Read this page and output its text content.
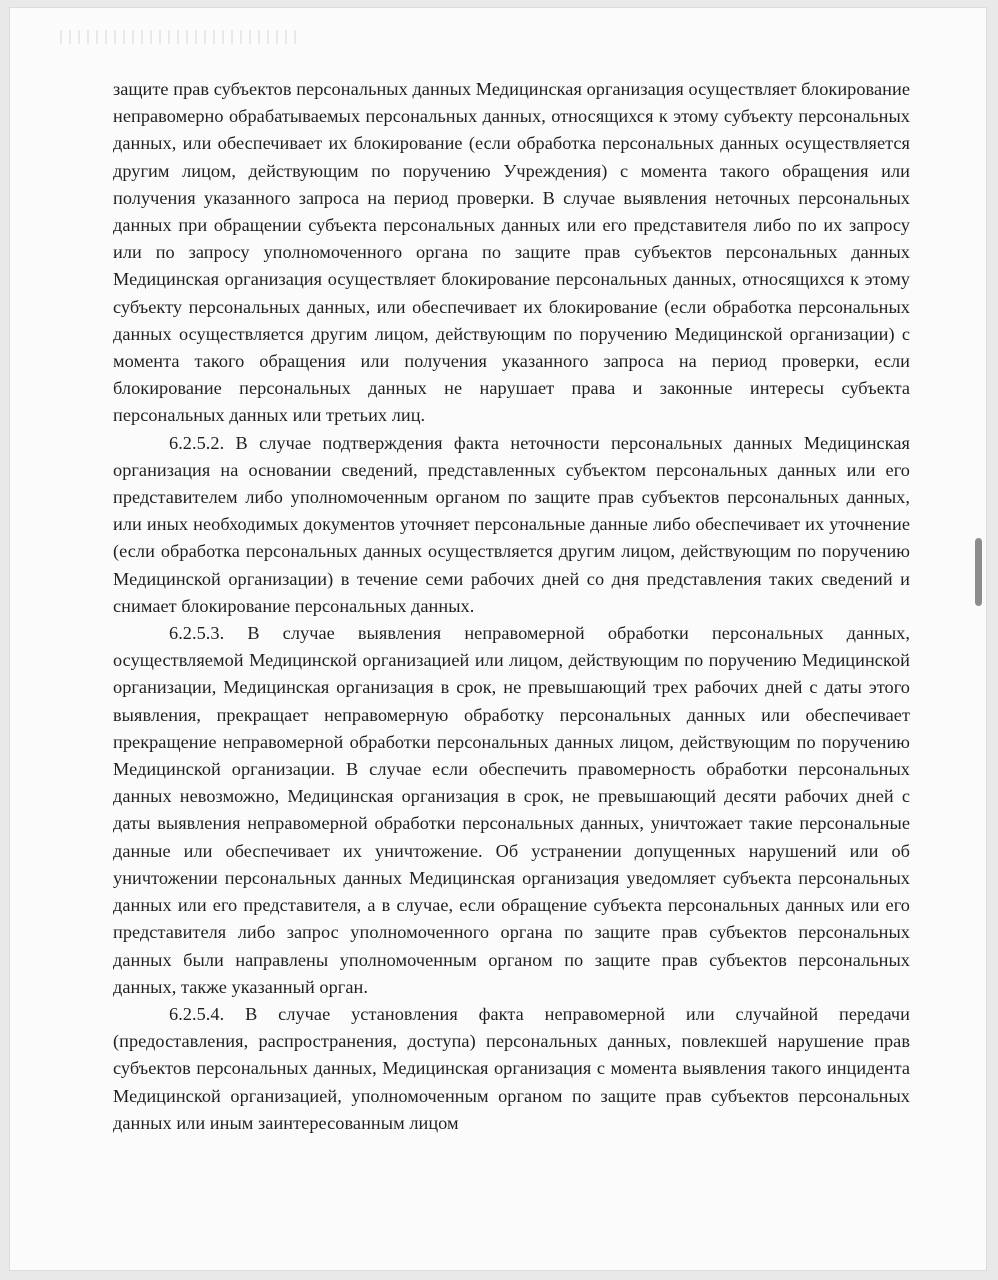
защите прав субъектов персональных данных Медицинская организация осуществляет блокирование неправомерно обрабатываемых персональных данных, относящихся к этому субъекту персональных данных, или обеспечивает их блокирование (если обработка персональных данных осуществляется другим лицом, действующим по поручению Учреждения) с момента такого обращения или получения указанного запроса на период проверки. В случае выявления неточных персональных данных при обращении субъекта персональных данных или его представителя либо по их запросу или по запросу уполномоченного органа по защите прав субъектов персональных данных Медицинская организация осуществляет блокирование персональных данных, относящихся к этому субъекту персональных данных, или обеспечивает их блокирование (если обработка персональных данных осуществляется другим лицом, действующим по поручению Медицинской организации) с момента такого обращения или получения указанного запроса на период проверки, если блокирование персональных данных не нарушает права и законные интересы субъекта персональных данных или третьих лиц.

6.2.5.2. В случае подтверждения факта неточности персональных данных Медицинская организация на основании сведений, представленных субъектом персональных данных или его представителем либо уполномоченным органом по защите прав субъектов персональных данных, или иных необходимых документов уточняет персональные данные либо обеспечивает их уточнение (если обработка персональных данных осуществляется другим лицом, действующим по поручению Медицинской организации) в течение семи рабочих дней со дня представления таких сведений и снимает блокирование персональных данных.

6.2.5.3. В случае выявления неправомерной обработки персональных данных, осуществляемой Медицинской организацией или лицом, действующим по поручению Медицинской организации, Медицинская организация в срок, не превышающий трех рабочих дней с даты этого выявления, прекращает неправомерную обработку персональных данных или обеспечивает прекращение неправомерной обработки персональных данных лицом, действующим по поручению Медицинской организации. В случае если обеспечить правомерность обработки персональных данных невозможно, Медицинская организация в срок, не превышающий десяти рабочих дней с даты выявления неправомерной обработки персональных данных, уничтожает такие персональные данные или обеспечивает их уничтожение. Об устранении допущенных нарушений или об уничтожении персональных данных Медицинская организация уведомляет субъекта персональных данных или его представителя, а в случае, если обращение субъекта персональных данных или его представителя либо запрос уполномоченного органа по защите прав субъектов персональных данных были направлены уполномоченным органом по защите прав субъектов персональных данных, также указанный орган.

6.2.5.4. В случае установления факта неправомерной или случайной передачи (предоставления, распространения, доступа) персональных данных, повлекшей нарушение прав субъектов персональных данных, Медицинская организация с момента выявления такого инцидента Медицинской организацией, уполномоченным органом по защите прав субъектов персональных данных или иным заинтересованным лицом
